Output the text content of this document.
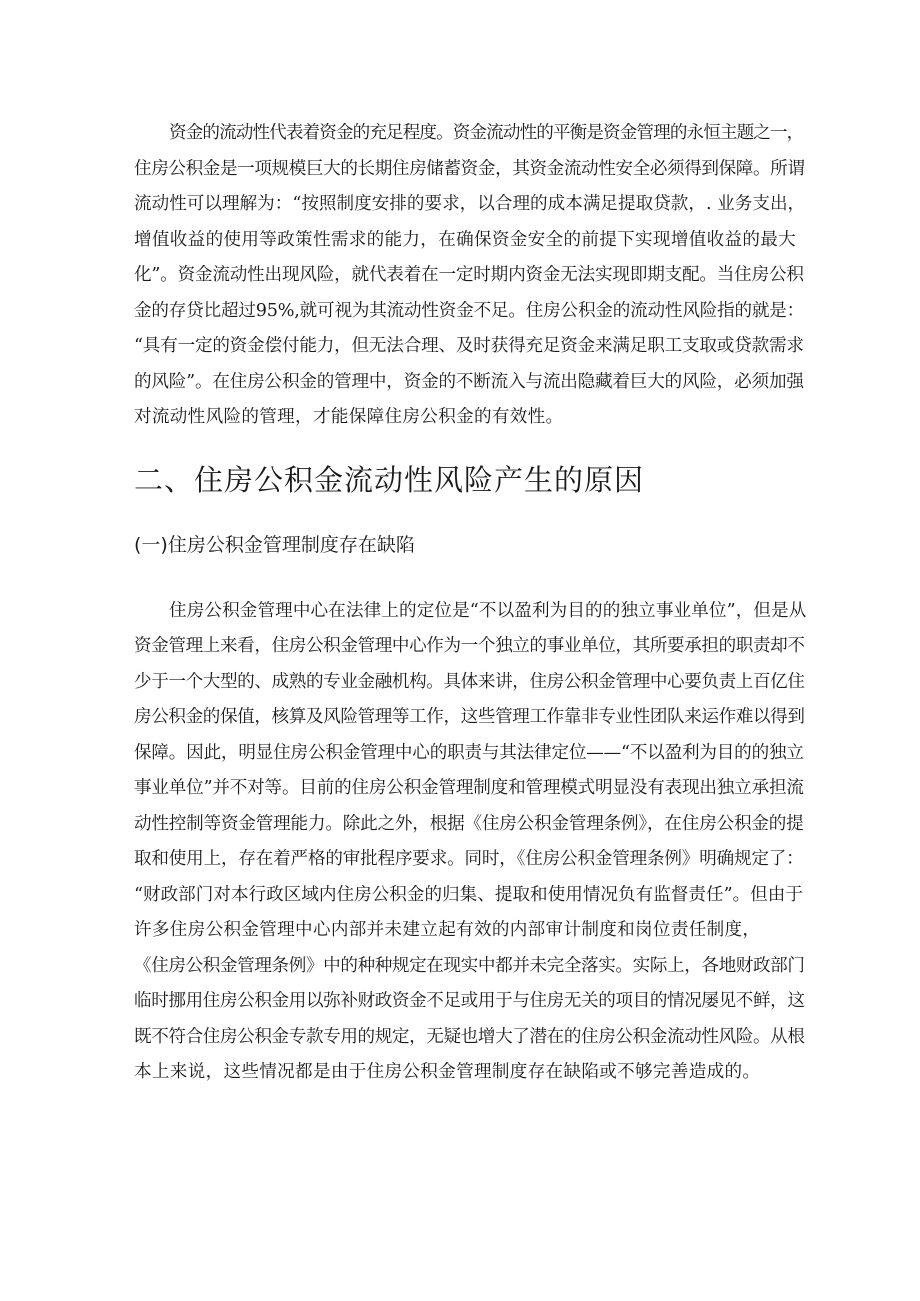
资金的流动性代表着资金的充足程度。资金流动性的平衡是资金管理的永恒主题之一，
住房公积金是一项规模巨大的长期住房储蓄资金，其资金流动性安全必须得到保障。所谓
流动性可以理解为：“按照制度安排的要求，以合理的成本满足提取贷款，. 业务支出，
增值收益的使用等政策性需求的能力，在确保资金安全的前提下实现增值收益的最大
化”。资金流动性出现风险，就代表着在一定时期内资金无法实现即期支配。当住房公积
金的存贷比超过95%,就可视为其流动性资金不足。住房公积金的流动性风险指的就是：
“具有一定的资金偿付能力，但无法合理、及时获得充足资金来满足职工支取或贷款需求
的风险”。在住房公积金的管理中，资金的不断流入与流出隐藏着巨大的风险，必须加强
对流动性风险的管理，才能保障住房公积金的有效性。
二、住房公积金流动性风险产生的原因
(一)住房公积金管理制度存在缺陷
住房公积金管理中心在法律上的定位是“不以盈利为目的的独立事业单位”，但是从
资金管理上来看，住房公积金管理中心作为一个独立的事业单位，其所要承担的职责却不
少于一个大型的、成熟的专业金融机构。具体来讲，住房公积金管理中心要负责上百亿住
房公积金的保值，核算及风险管理等工作，这些管理工作靠非专业性团队来运作难以得到
保障。因此，明显住房公积金管理中心的职责与其法律定位——“不以盈利为目的的独立
事业单位”并不对等。目前的住房公积金管理制度和管理模式明显没有表现出独立承担流
动性控制等资金管理能力。除此之外，根据《住房公积金管理条例》，在住房公积金的提
取和使用上，存在着严格的审批程序要求。同时，《住房公积金管理条例》明确规定了：
“财政部门对本行政区域内住房公积金的归集、提取和使用情况负有监督责任”。但由于
许多住房公积金管理中心内部并未建立起有效的内部审计制度和岗位责任制度，
《住房公积金管理条例》中的种种规定在现实中都并未完全落实。实际上，各地财政部门
临时挪用住房公积金用以弥补财政资金不足或用于与住房无关的项目的情况屡见不鲜，这
既不符合住房公积金专款专用的规定，无疑也增大了潜在的住房公积金流动性风险。从根
本上来说，这些情况都是由于住房公积金管理制度存在缺陷或不够完善造成的。
